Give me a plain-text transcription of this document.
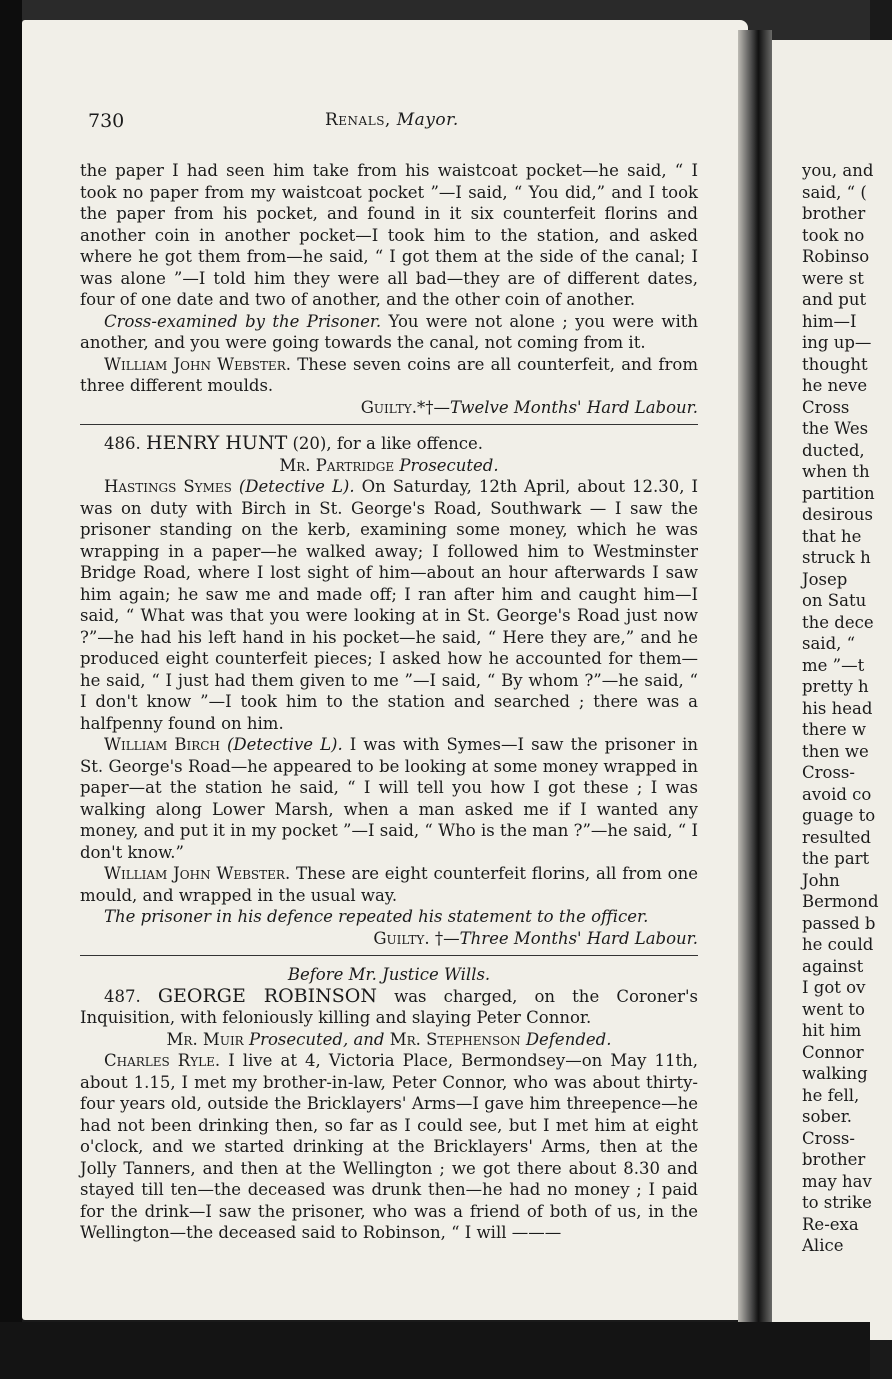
730	Renals, Mayor.

the paper I had seen him take from his waistcoat pocket—he said, “ I took no paper from my waistcoat pocket ”—I said, “ You did,” and I took the paper from his pocket, and found in it six counterfeit florins and another coin in another pocket—I took him to the station, and asked where he got them from—he said, “ I got them at the side of the canal; I was alone ”—I told him they were all bad—they are of different dates, four of one date and two of another, and the other coin of another.

Cross-examined by the Prisoner. You were not alone ; you were with another, and you were going towards the canal, not coming from it.

William John Webster. These seven coins are all counterfeit, and from three different moulds.

Guilty.*†—Twelve Months' Hard Labour.

486. HENRY HUNT (20), for a like offence.

Mr. Partridge Prosecuted.

Hastings Symes (Detective L). On Saturday, 12th April, about 12.30, I was on duty with Birch in St. George's Road, Southwark — I saw the prisoner standing on the kerb, examining some money, which he was wrapping in a paper—he walked away; I followed him to Westminster Bridge Road, where I lost sight of him—about an hour afterwards I saw him again; he saw me and made off; I ran after him and caught him—I said, “ What was that you were looking at in St. George's Road just now ?”—he had his left hand in his pocket—he said, “ Here they are,” and he produced eight counterfeit pieces; I asked how he accounted for them—he said, “ I just had them given to me ”—I said, “ By whom ?”—he said, “ I don't know ”—I took him to the station and searched ; there was a halfpenny found on him.

William Birch (Detective L). I was with Symes—I saw the prisoner in St. George's Road—he appeared to be looking at some money wrapped in paper—at the station he said, “ I will tell you how I got these ; I was walking along Lower Marsh, when a man asked me if I wanted any money, and put it in my pocket ”—I said, “ Who is the man ?”—he said, “ I don't know.”

William John Webster. These are eight counterfeit florins, all from one mould, and wrapped in the usual way.

The prisoner in his defence repeated his statement to the officer.

Guilty. †—Three Months' Hard Labour.

Before Mr. Justice Wills.

487. GEORGE ROBINSON was charged, on the Coroner's Inquisition, with feloniously killing and slaying Peter Connor.

Mr. Muir Prosecuted, and Mr. Stephenson Defended.

Charles Ryle. I live at 4, Victoria Place, Bermondsey—on May 11th, about 1.15, I met my brother-in-law, Peter Connor, who was about thirty-four years old, outside the Bricklayers' Arms—I gave him threepence—he had not been drinking then, so far as I could see, but I met him at eight o'clock, and we started drinking at the Bricklayers' Arms, then at the Jolly Tanners, and then at the Wellington ; we got there about 8.30 and stayed till ten—the deceased was drunk then—he had no money ; I paid for the drink—I saw the prisoner, who was a friend of both of us, in the Wellington—the deceased said to Robinson, “ I will ———

you, and
said, “ (
brother
took no
Robinso
were st
and put
him—I
ing up—
thought
he neve
Cross
the Wes
ducted,
when th
partition
desirous
that he
struck h
Josep
on Satu
the dece
said, “
me ”—t
pretty h
his head
there w
then we
Cross-
avoid co
guage to
resulted
the part
John
Bermond
passed b
he could
against
I got ov
went to
hit him
Connor
walking
he fell,
sober.
Cross-
brother
may hav
to strike
Re-exa
Alice
